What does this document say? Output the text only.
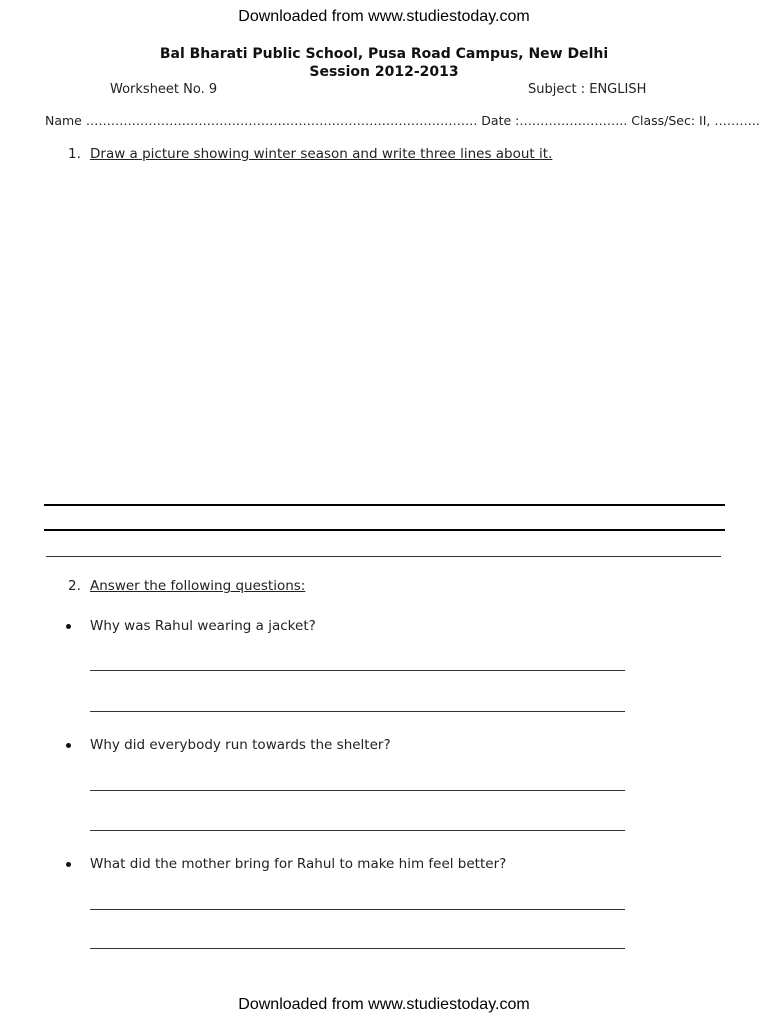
Downloaded from www.studiestoday.com
Bal Bharati Public School, Pusa Road Campus, New Delhi
Session 2012-2013
Worksheet No. 9	Subject : ENGLISH
Name …………………………………………………………………………………. Date :…………………….. Class/Sec: II, ………..
1. Draw a picture showing winter season and write three lines about it.
2. Answer the following questions:
Why was Rahul wearing a jacket?
Why did everybody run towards the shelter?
What did the mother bring for Rahul to make him feel better?
Downloaded from www.studiestoday.com
